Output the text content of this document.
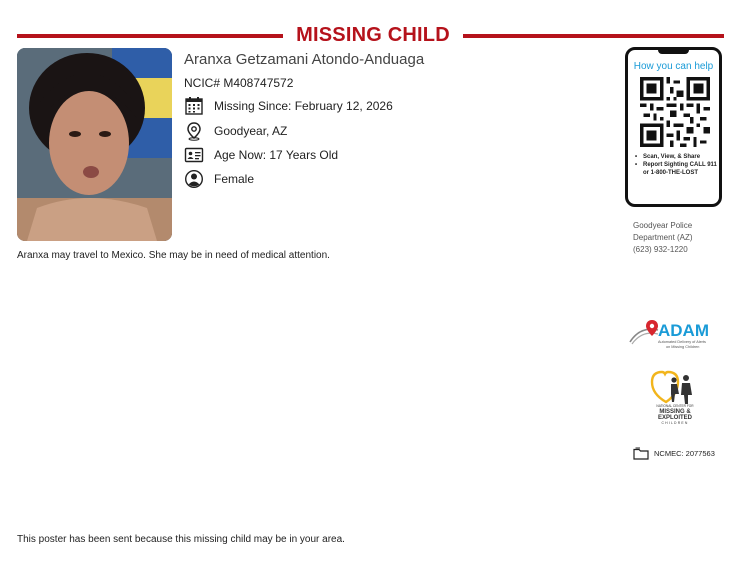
MISSING CHILD
Aranxa Getzamani Atondo-Anduaga
NCIC# M408747572
Missing Since: February 12, 2026
Goodyear, AZ
Age Now: 17 Years Old
Female
Aranxa may travel to Mexico. She may be in need of medical attention.
How you can help
• Scan, View, & Share
• Report Sighting CALL 911 or 1-800-THE-LOST
Goodyear Police
Department (AZ)
(623) 932-1220
ADAM
Automated Delivery of Alerts
on Missing Children
NATIONAL CENTER FOR
MISSING &
EXPLOITED
CHILDREN
NCMEC: 2077563
This poster has been sent because this missing child may be in your area.
